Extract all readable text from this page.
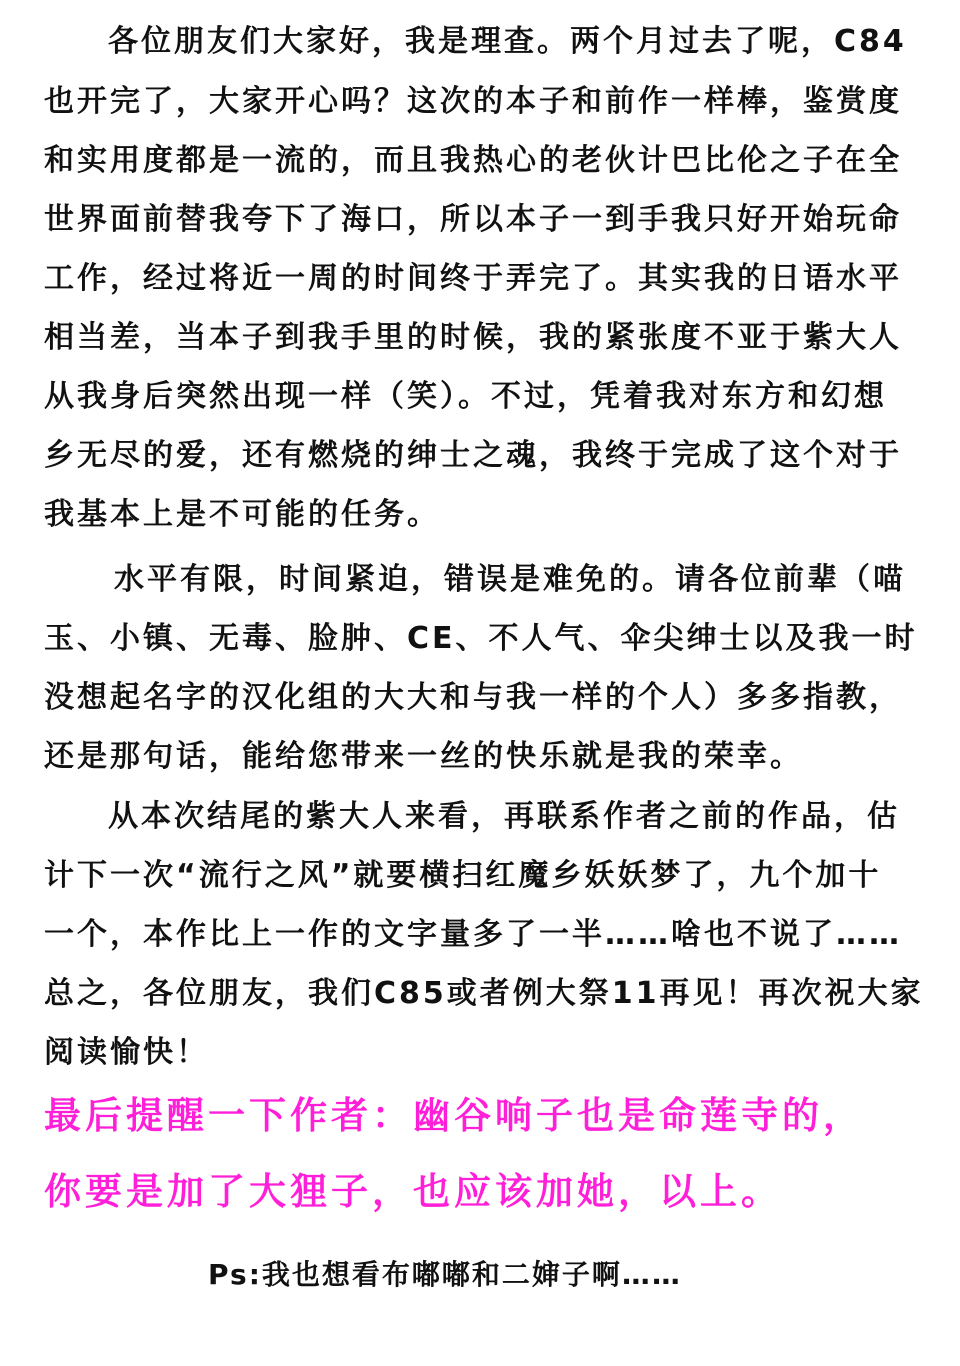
各位朋友们大家好，我是理查。两个月过去了呢，C84
也开完了，大家开心吗？这次的本子和前作一样棒，鉴赏度
和实用度都是一流的，而且我热心的老伙计巴比伦之子在全
世界面前替我夸下了海口，所以本子一到手我只好开始玩命
工作，经过将近一周的时间终于弄完了。其实我的日语水平
相当差，当本子到我手里的时候，我的紧张度不亚于紫大人
从我身后突然出现一样（笑）。不过，凭着我对东方和幻想
乡无尽的爱，还有燃烧的绅士之魂，我终于完成了这个对于
我基本上是不可能的任务。
水平有限，时间紧迫，错误是难免的。请各位前辈（喵
玉、小镇、无毒、脸肿、CE、不人气、伞尖绅士以及我一时
没想起名字的汉化组的大大和与我一样的个人）多多指教，
还是那句话，能给您带来一丝的快乐就是我的荣幸。
从本次结尾的紫大人来看，再联系作者之前的作品，估
计下一次“流行之风”就要横扫红魔乡妖妖梦了，九个加十
一个，本作比上一作的文字量多了一半……啥也不说了……
总之，各位朋友，我们C85或者例大祭11再见！再次祝大家
阅读愉快！
最后提醒一下作者：幽谷响子也是命莲寺的，
你要是加了大狸子，也应该加她，以上。
Ps:我也想看布嘟嘟和二婶子啊……
